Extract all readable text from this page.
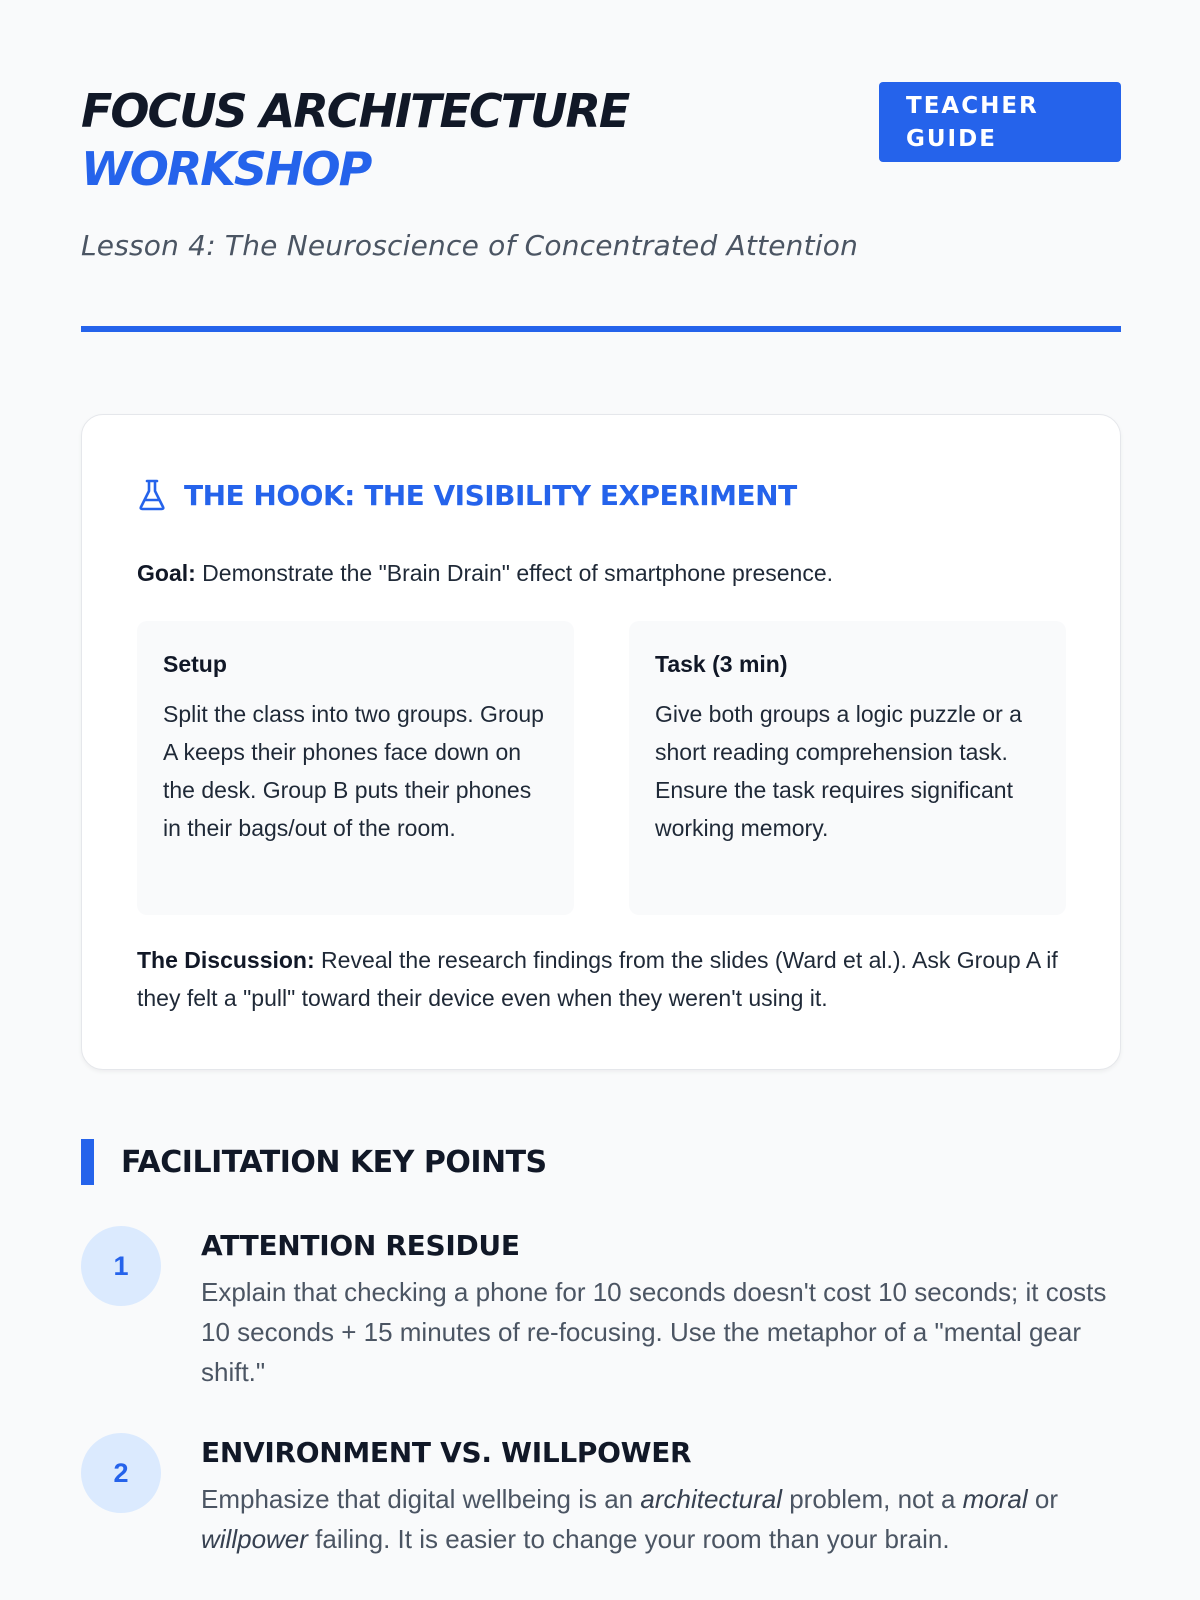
FOCUS ARCHITECTURE
WORKSHOP
TEACHER GUIDE
Lesson 4: The Neuroscience of Concentrated Attention
THE HOOK: THE VISIBILITY EXPERIMENT

Goal: Demonstrate the "Brain Drain" effect of smartphone presence.

Setup
Split the class into two groups. Group A keeps their phones face down on the desk. Group B puts their phones in their bags/out of the room.
Task (3 min)
Give both groups a logic puzzle or a short reading comprehension task. Ensure the task requires significant working memory.

The Discussion: Reveal the research findings from the slides (Ward et al.). Ask Group A if they felt a "pull" toward their device even when they weren't using it.

FACILITATION KEY POINTS
1
ATTENTION RESIDUE

Explain that checking a phone for 10 seconds doesn't cost 10 seconds; it costs 10 seconds + 15 minutes of re-focusing. Use the metaphor of a "mental gear shift."

2
ENVIRONMENT VS. WILLPOWER

Emphasize that digital wellbeing is an architectural problem, not a moral or willpower failing. It is easier to change your room than your brain.
